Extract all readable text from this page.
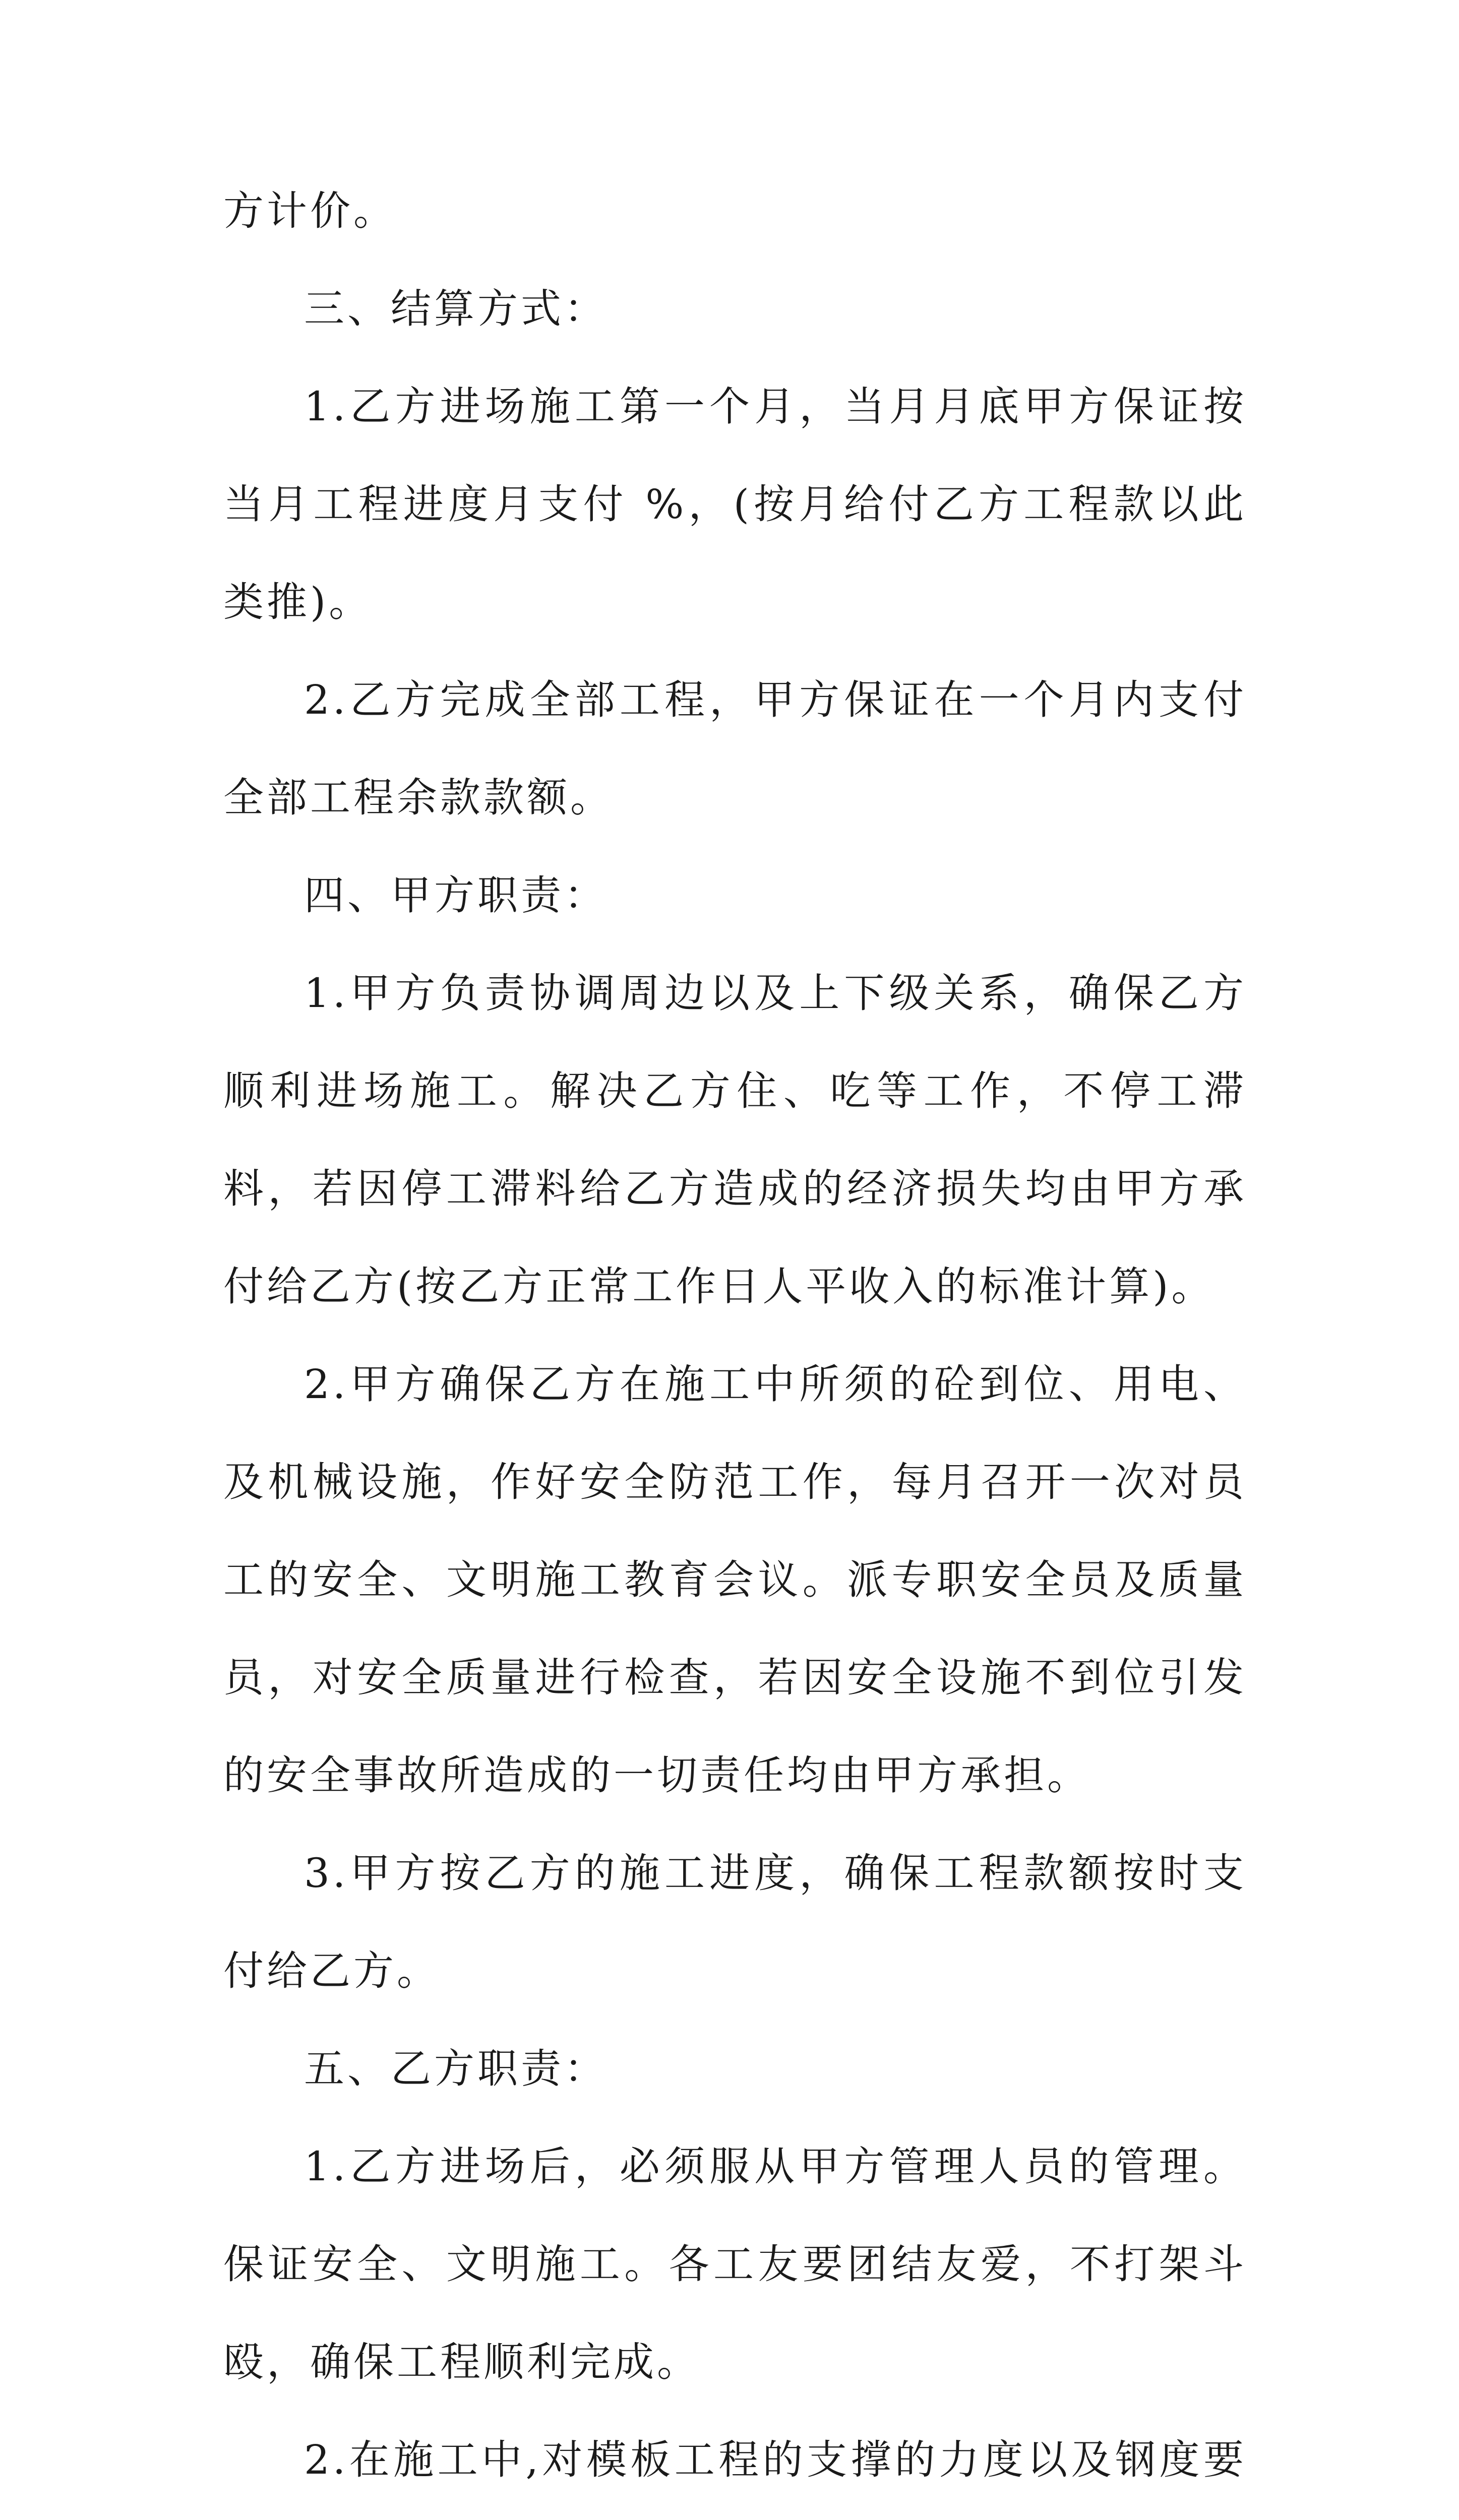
方计价。

三、结算方式：

1.乙方进场施工第一个月，当月月底甲方保证按当月工程进度月支付 %，(按月给付乙方工程款以此类推)。

2.乙方完成全部工程，甲方保证在一个月内支付全部工程余款款额。

四、甲方职责：

1.甲方负责协调周边以及上下级关系，确保乙方顺利进场施工。解决乙方住、吃等工作，不停工滞料，若因停工滞料给乙方造成的经济损失均由甲方承付给乙方(按乙方正常工作日人平收入的标准计算)。

2.甲方确保乙方在施工中所须的砼到位、用电、及机械设施，作好安全防范工作，每月召开一次对员工的安全、文明施工教育会议。派专职安全员及质量员，对安全质量进行检查，若因安全设施不到位引发的安全事故所造成的一切责任均由甲方承担。

3.甲方按乙方的施工进度，确保工程款额按时支付给乙方。

五、乙方职责：

1.乙方进场后，必须服从甲方管理人员的管理。保证安全、文明施工。各工友要团结友爱，不打架斗殴，确保工程顺利完成。

2.在施工中,对模板工程的支撑的力度以及钢度要
